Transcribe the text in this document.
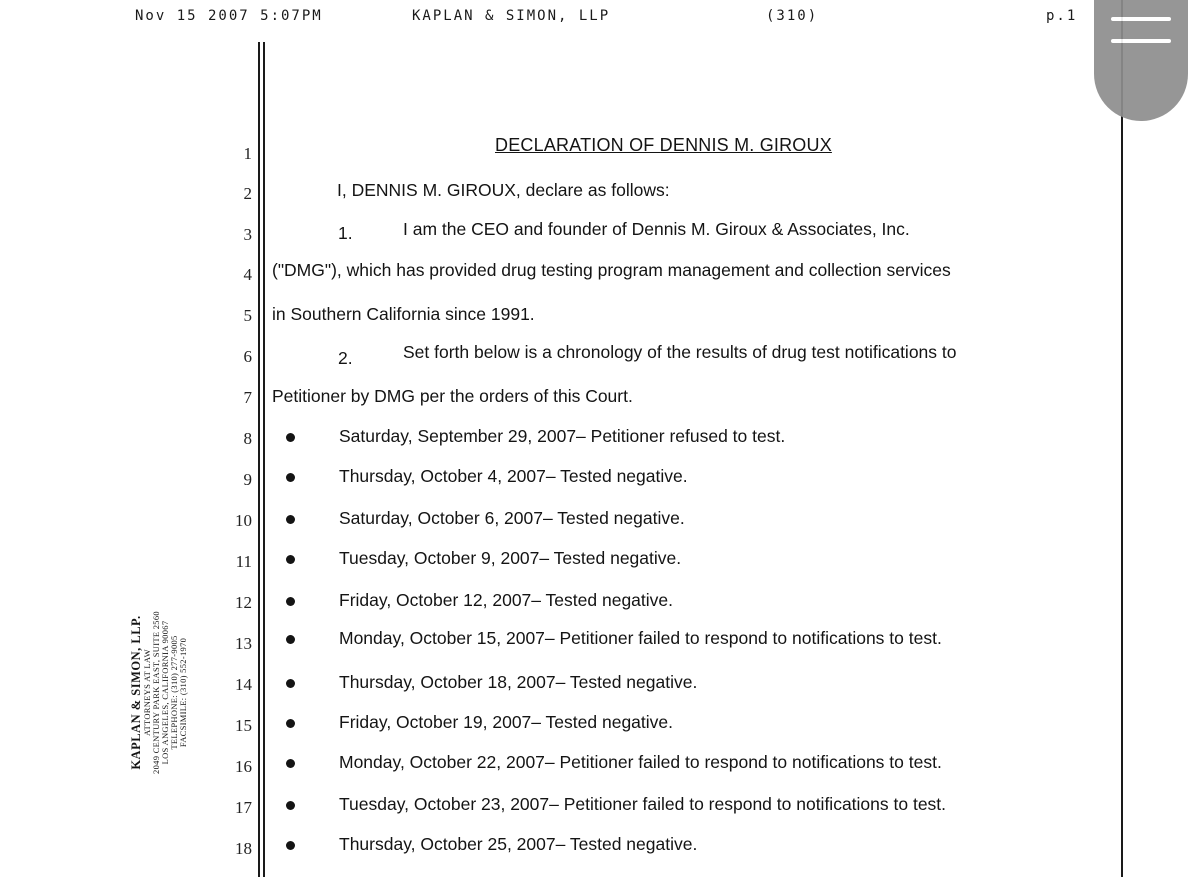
Nov 15 2007 5:07PM	KAPLAN & SIMON, LLP	(310)	p.1
1
2
3
4
5
6
7
8
9
10
11
12
13
14
15
16
17
18
DECLARATION OF DENNIS M. GIROUX
I, DENNIS M. GIROUX, declare as follows:
1.	I am the CEO and founder of Dennis M. Giroux & Associates, Inc.
("DMG"), which has provided drug testing program management and collection services
in Southern California since 1991.
2.	Set forth below is a chronology of the results of drug test notifications to
Petitioner by DMG per the orders of this Court.
Saturday, September 29, 2007– Petitioner refused to test.
Thursday, October 4, 2007– Tested negative.
Saturday, October 6, 2007– Tested negative.
Tuesday, October 9, 2007– Tested negative.
Friday, October 12, 2007– Tested negative.
Monday, October 15, 2007– Petitioner failed to respond to notifications to test.
Thursday, October 18, 2007– Tested negative.
Friday, October 19, 2007– Tested negative.
Monday, October 22, 2007– Petitioner failed to respond to notifications to test.
Tuesday, October 23, 2007– Petitioner failed to respond to notifications to test.
Thursday, October 25, 2007– Tested negative.
KAPLAN & SIMON, LLP. ATTORNEYS AT LAW
2049 CENTURY PARK EAST, SUITE 2560
LOS ANGELES, CALIFORNIA 90067
TELEPHONE: (310) 277-9005
FACSIMILE: (310) 552-1970
